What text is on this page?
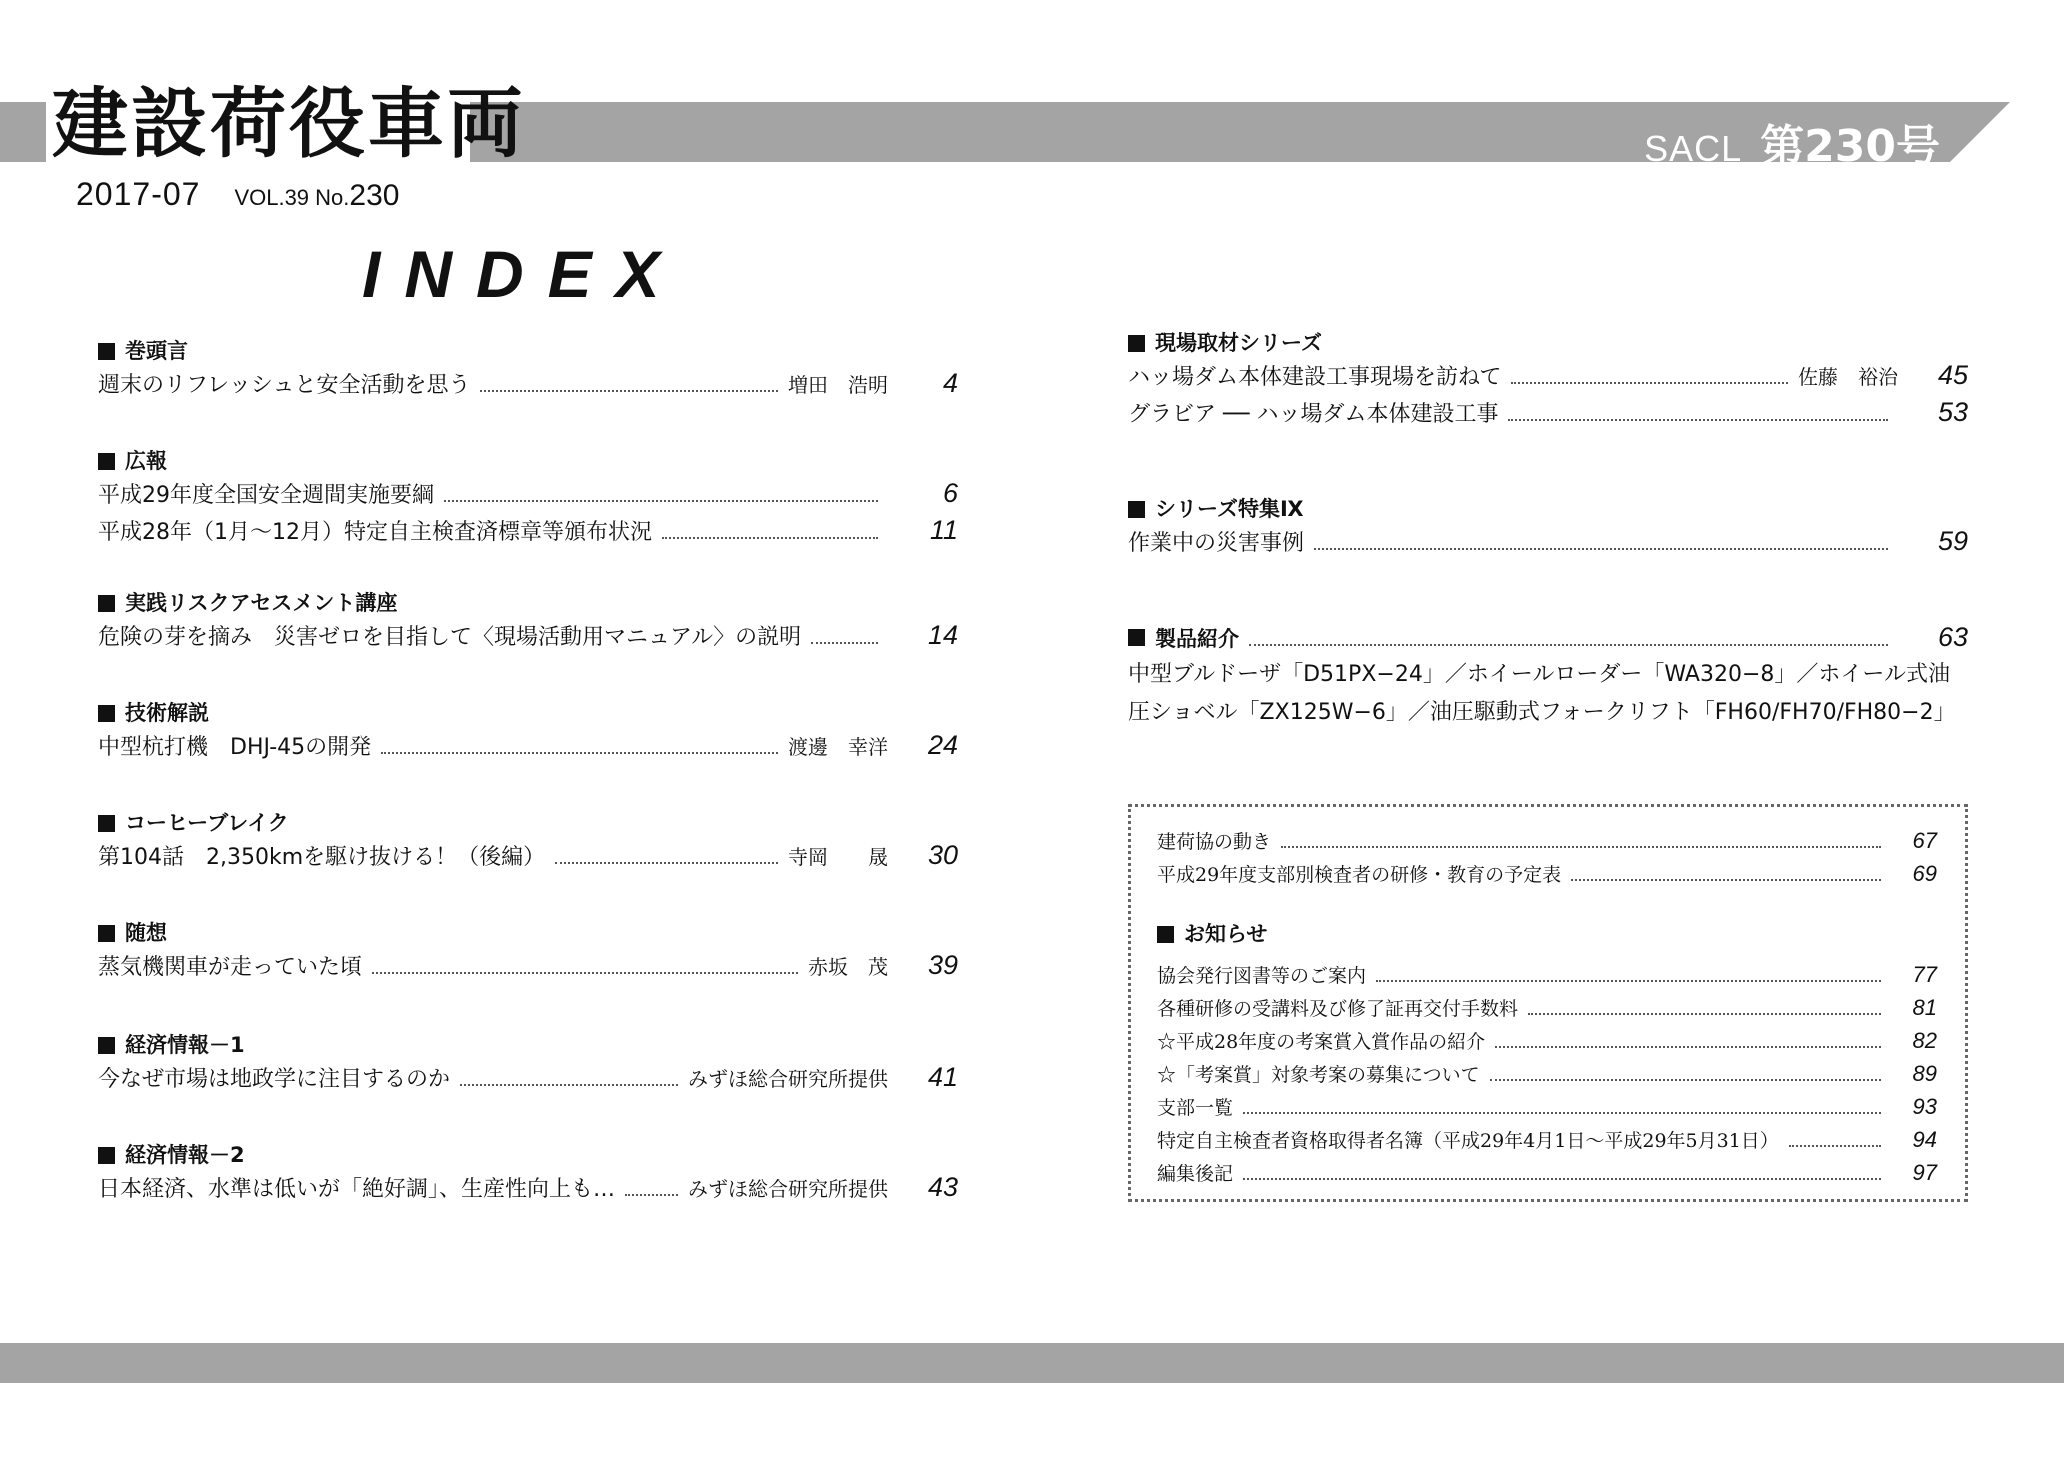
建設荷役車両	SACL 第230号
2017-07 VOL.39 No.230
INDEX
巻頭言
週末のリフレッシュと安全活動を思う	増田　浩明	4
広報
平成29年度全国安全週間実施要綱	6
平成28年（1月～12月）特定自主検査済標章等頒布状況	11
実践リスクアセスメント講座
危険の芽を摘み　災害ゼロを目指して〈現場活動用マニュアル〉の説明	14
技術解説
中型杭打機　DHJ-45の開発	渡邊　幸洋	24
コーヒーブレイク
第104話　2,350kmを駆け抜ける！（後編）	寺岡　　晟	30
随想
蒸気機関車が走っていた頃	赤坂　茂	39
経済情報－1
今なぜ市場は地政学に注目するのか	みずほ総合研究所提供	41
経済情報－2
日本経済、水準は低いが「絶好調」、生産性向上も…	みずほ総合研究所提供	43
現場取材シリーズ
ハッ場ダム本体建設工事現場を訪ねて	佐藤　裕治	45
グラビア ── ハッ場ダム本体建設工事	53
シリーズ特集Ⅸ
作業中の災害事例	59
製品紹介	63
中型ブルドーザ「D51PX−24」／ホイールローダー「WA320−8」／ホイール式油圧ショベル「ZX125W−6」／油圧駆動式フォークリフト「FH60/FH70/FH80−2」
建荷協の動き	67
平成29年度支部別検査者の研修・教育の予定表	69
お知らせ
協会発行図書等のご案内	77
各種研修の受講料及び修了証再交付手数料	81
☆平成28年度の考案賞入賞作品の紹介	82
☆「考案賞」対象考案の募集について	89
支部一覧	93
特定自主検査者資格取得者名簿（平成29年4月1日～平成29年5月31日）	94
編集後記	97
